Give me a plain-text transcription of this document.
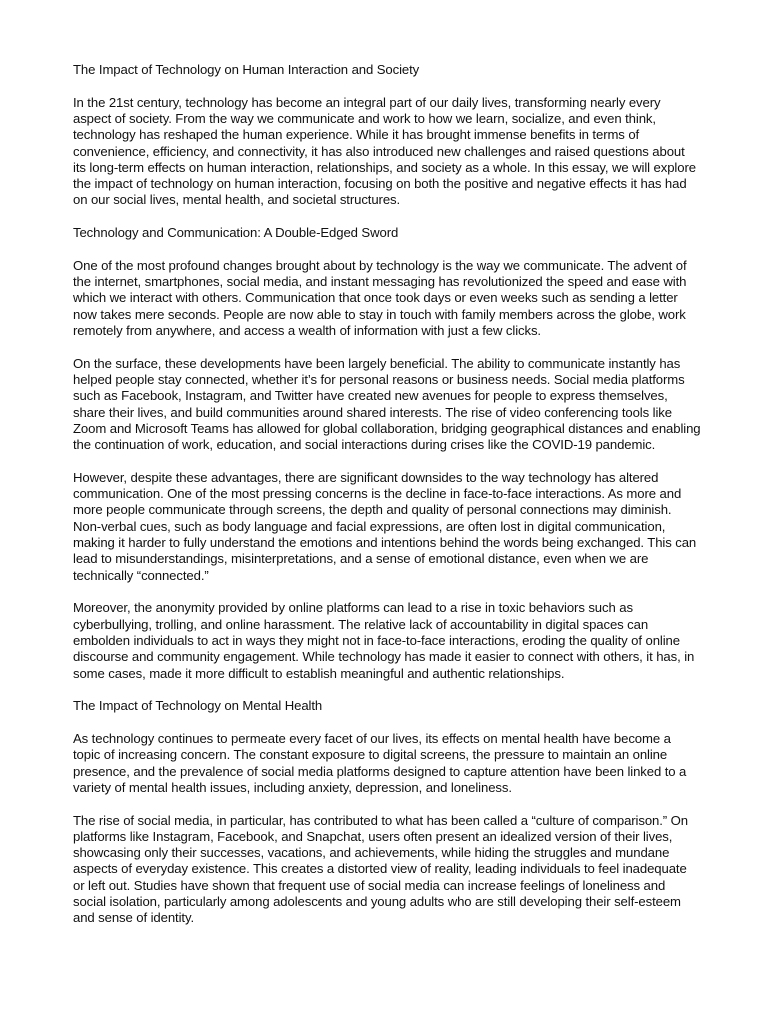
The Impact of Technology on Human Interaction and Society

In the 21st century, technology has become an integral part of our daily lives, transforming nearly every aspect of society. From the way we communicate and work to how we learn, socialize, and even think, technology has reshaped the human experience. While it has brought immense benefits in terms of convenience, efficiency, and connectivity, it has also introduced new challenges and raised questions about its long-term effects on human interaction, relationships, and society as a whole. In this essay, we will explore the impact of technology on human interaction, focusing on both the positive and negative effects it has had on our social lives, mental health, and societal structures.

Technology and Communication: A Double-Edged Sword

One of the most profound changes brought about by technology is the way we communicate. The advent of the internet, smartphones, social media, and instant messaging has revolutionized the speed and ease with which we interact with others. Communication that once took days or even weeks such as sending a letter now takes mere seconds. People are now able to stay in touch with family members across the globe, work remotely from anywhere, and access a wealth of information with just a few clicks.

On the surface, these developments have been largely beneficial. The ability to communicate instantly has helped people stay connected, whether it’s for personal reasons or business needs. Social media platforms such as Facebook, Instagram, and Twitter have created new avenues for people to express themselves, share their lives, and build communities around shared interests. The rise of video conferencing tools like Zoom and Microsoft Teams has allowed for global collaboration, bridging geographical distances and enabling the continuation of work, education, and social interactions during crises like the COVID-19 pandemic.

However, despite these advantages, there are significant downsides to the way technology has altered communication. One of the most pressing concerns is the decline in face-to-face interactions. As more and more people communicate through screens, the depth and quality of personal connections may diminish. Non-verbal cues, such as body language and facial expressions, are often lost in digital communication, making it harder to fully understand the emotions and intentions behind the words being exchanged. This can lead to misunderstandings, misinterpretations, and a sense of emotional distance, even when we are technically “connected.”

Moreover, the anonymity provided by online platforms can lead to a rise in toxic behaviors such as cyberbullying, trolling, and online harassment. The relative lack of accountability in digital spaces can embolden individuals to act in ways they might not in face-to-face interactions, eroding the quality of online discourse and community engagement. While technology has made it easier to connect with others, it has, in some cases, made it more difficult to establish meaningful and authentic relationships.

The Impact of Technology on Mental Health

As technology continues to permeate every facet of our lives, its effects on mental health have become a topic of increasing concern. The constant exposure to digital screens, the pressure to maintain an online presence, and the prevalence of social media platforms designed to capture attention have been linked to a variety of mental health issues, including anxiety, depression, and loneliness.

The rise of social media, in particular, has contributed to what has been called a “culture of comparison.” On platforms like Instagram, Facebook, and Snapchat, users often present an idealized version of their lives, showcasing only their successes, vacations, and achievements, while hiding the struggles and mundane aspects of everyday existence. This creates a distorted view of reality, leading individuals to feel inadequate or left out. Studies have shown that frequent use of social media can increase feelings of loneliness and social isolation, particularly among adolescents and young adults who are still developing their self-esteem and sense of identity.
